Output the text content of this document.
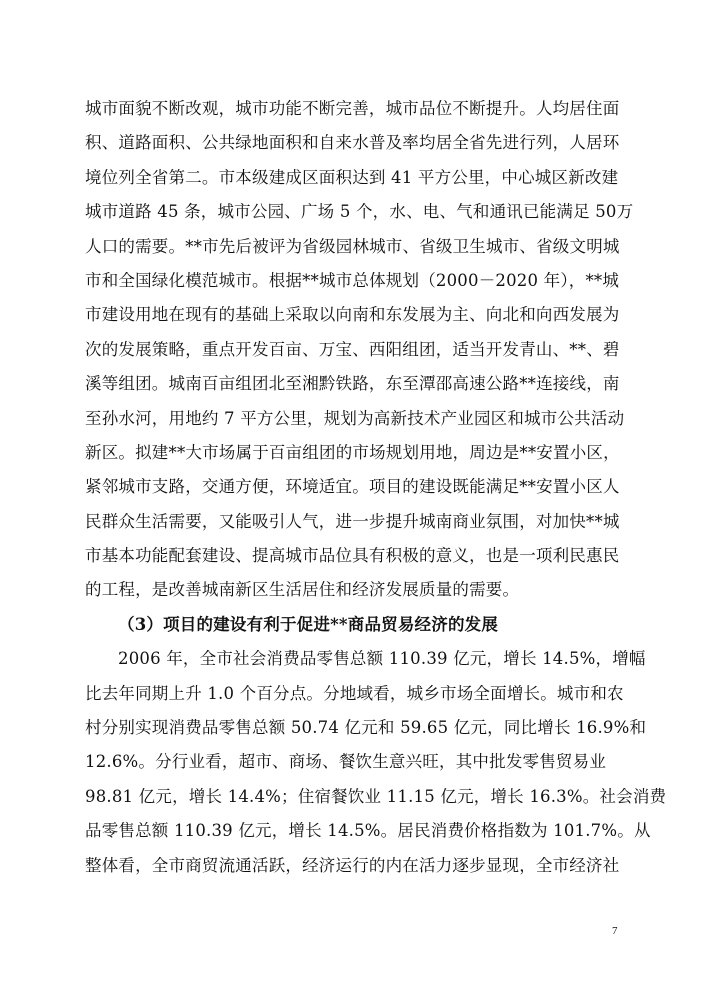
城市面貌不断改观，城市功能不断完善，城市品位不断提升。人均居住面
积、道路面积、公共绿地面积和自来水普及率均居全省先进行列，人居环
境位列全省第二。市本级建成区面积达到 41 平方公里，中心城区新改建
城市道路 45 条，城市公园、广场 5 个，水、电、气和通讯已能满足 50万
人口的需要。**市先后被评为省级园林城市、省级卫生城市、省级文明城
市和全国绿化模范城市。根据**城市总体规划（2000－2020 年），**城
市建设用地在现有的基础上采取以向南和东发展为主、向北和向西发展为
次的发展策略，重点开发百亩、万宝、西阳组团，适当开发青山、**、碧
溪等组团。城南百亩组团北至湘黔铁路，东至潭邵高速公路**连接线，南
至孙水河，用地约 7 平方公里，规划为高新技术产业园区和城市公共活动
新区。拟建**大市场属于百亩组团的市场规划用地，周边是**安置小区，
紧邻城市支路，交通方便，环境适宜。项目的建设既能满足**安置小区人
民群众生活需要，又能吸引人气，进一步提升城南商业氛围，对加快**城
市基本功能配套建设、提高城市品位具有积极的意义，也是一项利民惠民
的工程，是改善城南新区生活居住和经济发展质量的需要。
（3）项目的建设有利于促进**商品贸易经济的发展
2006 年，全市社会消费品零售总额 110.39 亿元，增长 14.5%，增幅
比去年同期上升 1.0 个百分点。分地域看，城乡市场全面增长。城市和农
村分别实现消费品零售总额 50.74 亿元和 59.65 亿元，同比增长 16.9%和
12.6%。分行业看，超市、商场、餐饮生意兴旺，其中批发零售贸易业
98.81 亿元，增长 14.4%；住宿餐饮业 11.15 亿元，增长 16.3%。社会消费
品零售总额 110.39 亿元，增长 14.5%。居民消费价格指数为 101.7%。从
整体看，全市商贸流通活跃，经济运行的内在活力逐步显现，全市经济社
7
